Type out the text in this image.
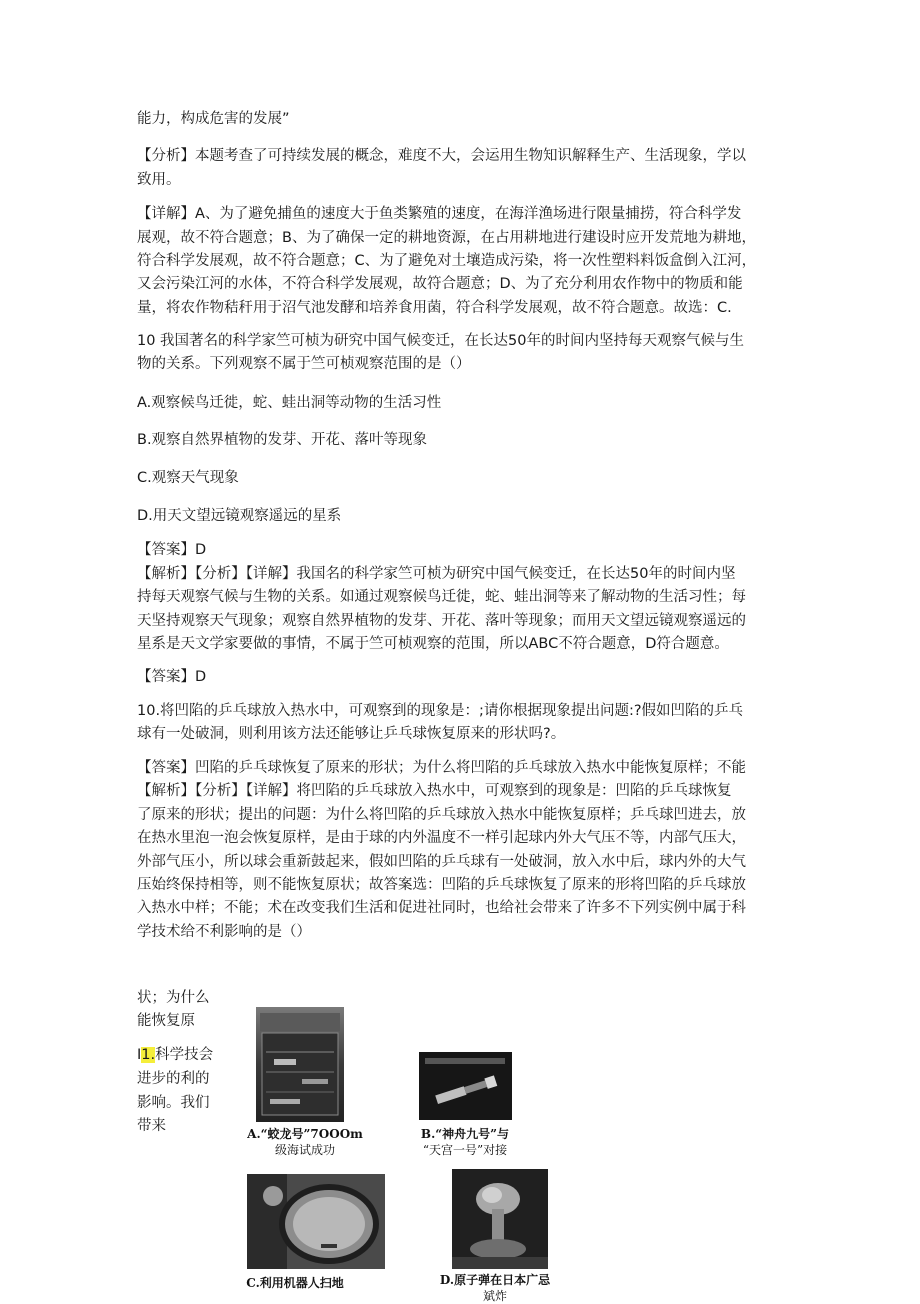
能力，构成危害的发展”

【分析】本题考查了可持续发展的概念，难度不大，会运用生物知识解释生产、生活现象，学以

致用。

【详解】A、为了避免捕鱼的速度大于鱼类繁殖的速度，在海洋渔场进行限量捕捞，符合科学发

展观，故不符合题意；B、为了确保一定的耕地资源，在占用耕地进行建设时应开发荒地为耕地，

符合科学发展观，故不符合题意；C、为了避免对土壤造成污染，将一次性塑料料饭盒倒入江河，

又会污染江河的水体，不符合科学发展观，故符合题意；D、为了充分利用农作物中的物质和能

量，将农作物秸秆用于沼气池发酵和培养食用菌，符合科学发展观，故不符合题意。故选：C.

10 我国著名的科学家竺可桢为研究中国气候变迁，在长达50年的时间内坚持每天观察气候与生

物的关系。下列观察不属于竺可桢观察范围的是（）

A.观察候鸟迁徙，蛇、蛙出洞等动物的生活习性

B.观察自然界植物的发芽、开花、落叶等现象

C.观察天气现象

D.用天文望远镜观察遥远的星系

【答案】D

【解析】【分析】【详解】我国名的科学家竺可桢为研究中国气候变迁，在长达50年的时间内坚

持每天观察气候与生物的关系。如通过观察候鸟迁徙，蛇、蛙出洞等来了解动物的生活习性；每

天坚持观察天气现象；观察自然界植物的发芽、开花、落叶等现象；而用天文望远镜观察遥远的

星系是天文学家要做的事情，不属于竺可桢观察的范围，所以ABC不符合题意，D符合题意。

【答案】D

10.将凹陷的乒乓球放入热水中，可观察到的现象是：;请你根据现象提出问题:?假如凹陷的乒乓

球有一处破洞，则利用该方法还能够让乒乓球恢复原来的形状吗?。

【答案】凹陷的乒乓球恢复了原来的形状；为什么将凹陷的乒乓球放入热水中能恢复原样；不能

【解析】【分析】【详解】将凹陷的乒乓球放入热水中，可观察到的现象是：凹陷的乒乓球恢复

了原来的形状；提出的问题：为什么将凹陷的乒乓球放入热水中能恢复原样；乒乓球凹进去，放

在热水里泡一泡会恢复原样，是由于球的内外温度不一样引起球内外大气压不等，内部气压大，

外部气压小，所以球会重新鼓起来，假如凹陷的乒乓球有一处破洞，放入水中后，球内外的大气

压始终保持相等，则不能恢复原状；故答案选：凹陷的乒乓球恢复了原来的形将凹陷的乒乓球放

入热水中样；不能；术在改变我们生活和促进社同时，也给社会带来了许多不下列实例中属于科

学技术给不利影响的是（）

状；为什么
能恢复原
I1.科学技会
进步的利的
影响。我们
带来	A.“蛟龙号”7OOOm
级海试成功
B.“神舟九号”与
“天宫一号”对接
C.利用机器人扫地	D.原子弹在日本广忌
斌炸
